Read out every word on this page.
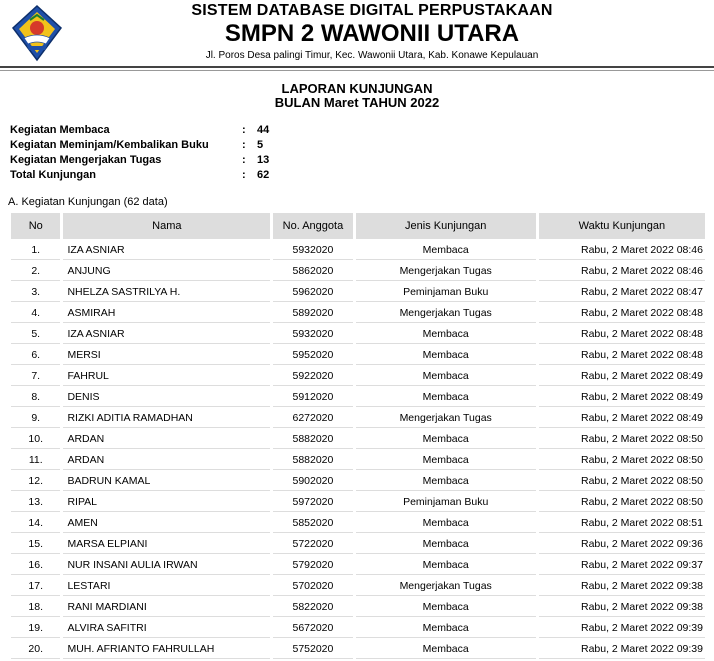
SISTEM DATABASE DIGITAL PERPUSTAKAAN
SMPN 2 WAWONII UTARA
Jl. Poros Desa palingi Timur, Kec. Wawonii Utara, Kab. Konawe Kepulauan
LAPORAN KUNJUNGAN
BULAN Maret TAHUN 2022
Kegiatan Membaca	: 44
Kegiatan Meminjam/Kembalikan Buku	: 5
Kegiatan Mengerjakan Tugas	: 13
Total Kunjungan	: 62
A. Kegiatan Kunjungan (62 data)
No	Nama	No. Anggota	Jenis Kunjungan	Waktu Kunjungan
1.	IZA ASNIAR	5932020	Membaca	Rabu, 2 Maret 2022 08:46
2.	ANJUNG	5862020	Mengerjakan Tugas	Rabu, 2 Maret 2022 08:46
3.	NHELZA SASTRILYA H.	5962020	Peminjaman Buku	Rabu, 2 Maret 2022 08:47
4.	ASMIRAH	5892020	Mengerjakan Tugas	Rabu, 2 Maret 2022 08:48
5.	IZA ASNIAR	5932020	Membaca	Rabu, 2 Maret 2022 08:48
6.	MERSI	5952020	Membaca	Rabu, 2 Maret 2022 08:48
7.	FAHRUL	5922020	Membaca	Rabu, 2 Maret 2022 08:49
8.	DENIS	5912020	Membaca	Rabu, 2 Maret 2022 08:49
9.	RIZKI ADITIA RAMADHAN	6272020	Mengerjakan Tugas	Rabu, 2 Maret 2022 08:49
10.	ARDAN	5882020	Membaca	Rabu, 2 Maret 2022 08:50
11.	ARDAN	5882020	Membaca	Rabu, 2 Maret 2022 08:50
12.	BADRUN KAMAL	5902020	Membaca	Rabu, 2 Maret 2022 08:50
13.	RIPAL	5972020	Peminjaman Buku	Rabu, 2 Maret 2022 08:50
14.	AMEN	5852020	Membaca	Rabu, 2 Maret 2022 08:51
15.	MARSA ELPIANI	5722020	Membaca	Rabu, 2 Maret 2022 09:36
16.	NUR INSANI AULIA IRWAN	5792020	Membaca	Rabu, 2 Maret 2022 09:37
17.	LESTARI	5702020	Mengerjakan Tugas	Rabu, 2 Maret 2022 09:38
18.	RANI MARDIANI	5822020	Membaca	Rabu, 2 Maret 2022 09:38
19.	ALVIRA SAFITRI	5672020	Membaca	Rabu, 2 Maret 2022 09:39
20.	MUH. AFRIANTO FAHRULLAH	5752020	Membaca	Rabu, 2 Maret 2022 09:39
